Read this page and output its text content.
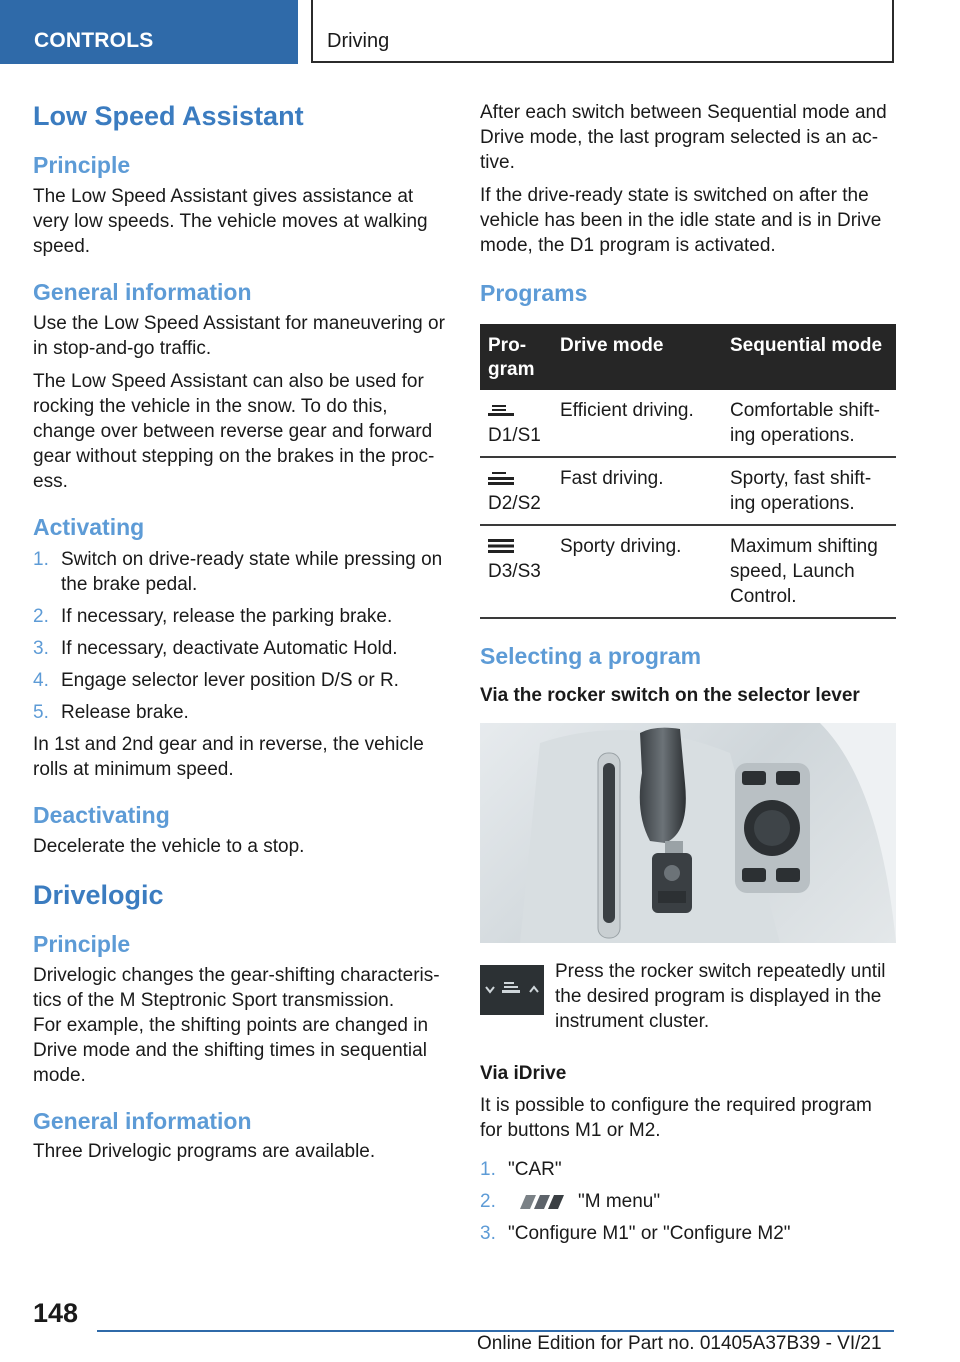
CONTROLS	Driving
Low Speed Assistant
Principle

The Low Speed Assistant gives assistance at very low speeds. The vehicle moves at walking speed.

General information

Use the Low Speed Assistant for maneuvering or in stop-and-go traffic.

The Low Speed Assistant can also be used for rocking the vehicle in the snow. To do this, change over between reverse gear and forward gear without stepping on the brakes in the process.

Activating
1. Switch on drive-ready state while pressing on the brake pedal.
2. If necessary, release the parking brake.
3. If necessary, deactivate Automatic Hold.
4. Engage selector lever position D/S or R.
5. Release brake.

In 1st and 2nd gear and in reverse, the vehicle rolls at minimum speed.

Deactivating

Decelerate the vehicle to a stop.

Drivelogic
Principle

Drivelogic changes the gear-shifting characteristics of the M Steptronic Sport transmission.

For example, the shifting points are changed in Drive mode and the shifting times in sequential mode.

General information

Three Drivelogic programs are available.

After each switch between Sequential mode and Drive mode, the last program selected is an active.

If the drive-ready state is switched on after the vehicle has been in the idle state and is in Drive mode, the D1 program is activated.

Programs
Program	Drive mode	Sequential mode

D1/S1	Efficient driving.	Comfortable shifting operations.

D2/S2	Fast driving.	Sporty, fast shifting operations.

D3/S3	Sporty driving.	Maximum shifting speed, Launch Control.
Selecting a program
Via the rocker switch on the selector lever

Press the rocker switch repeatedly until the desired program is displayed in the instrument cluster.

Via iDrive

It is possible to configure the required program for buttons M1 or M2.

1. "CAR"
2.	"M menu"
3. "Configure M1" or "Configure M2"
148
Online Edition for Part no. 01405A37B39 - VI/21
